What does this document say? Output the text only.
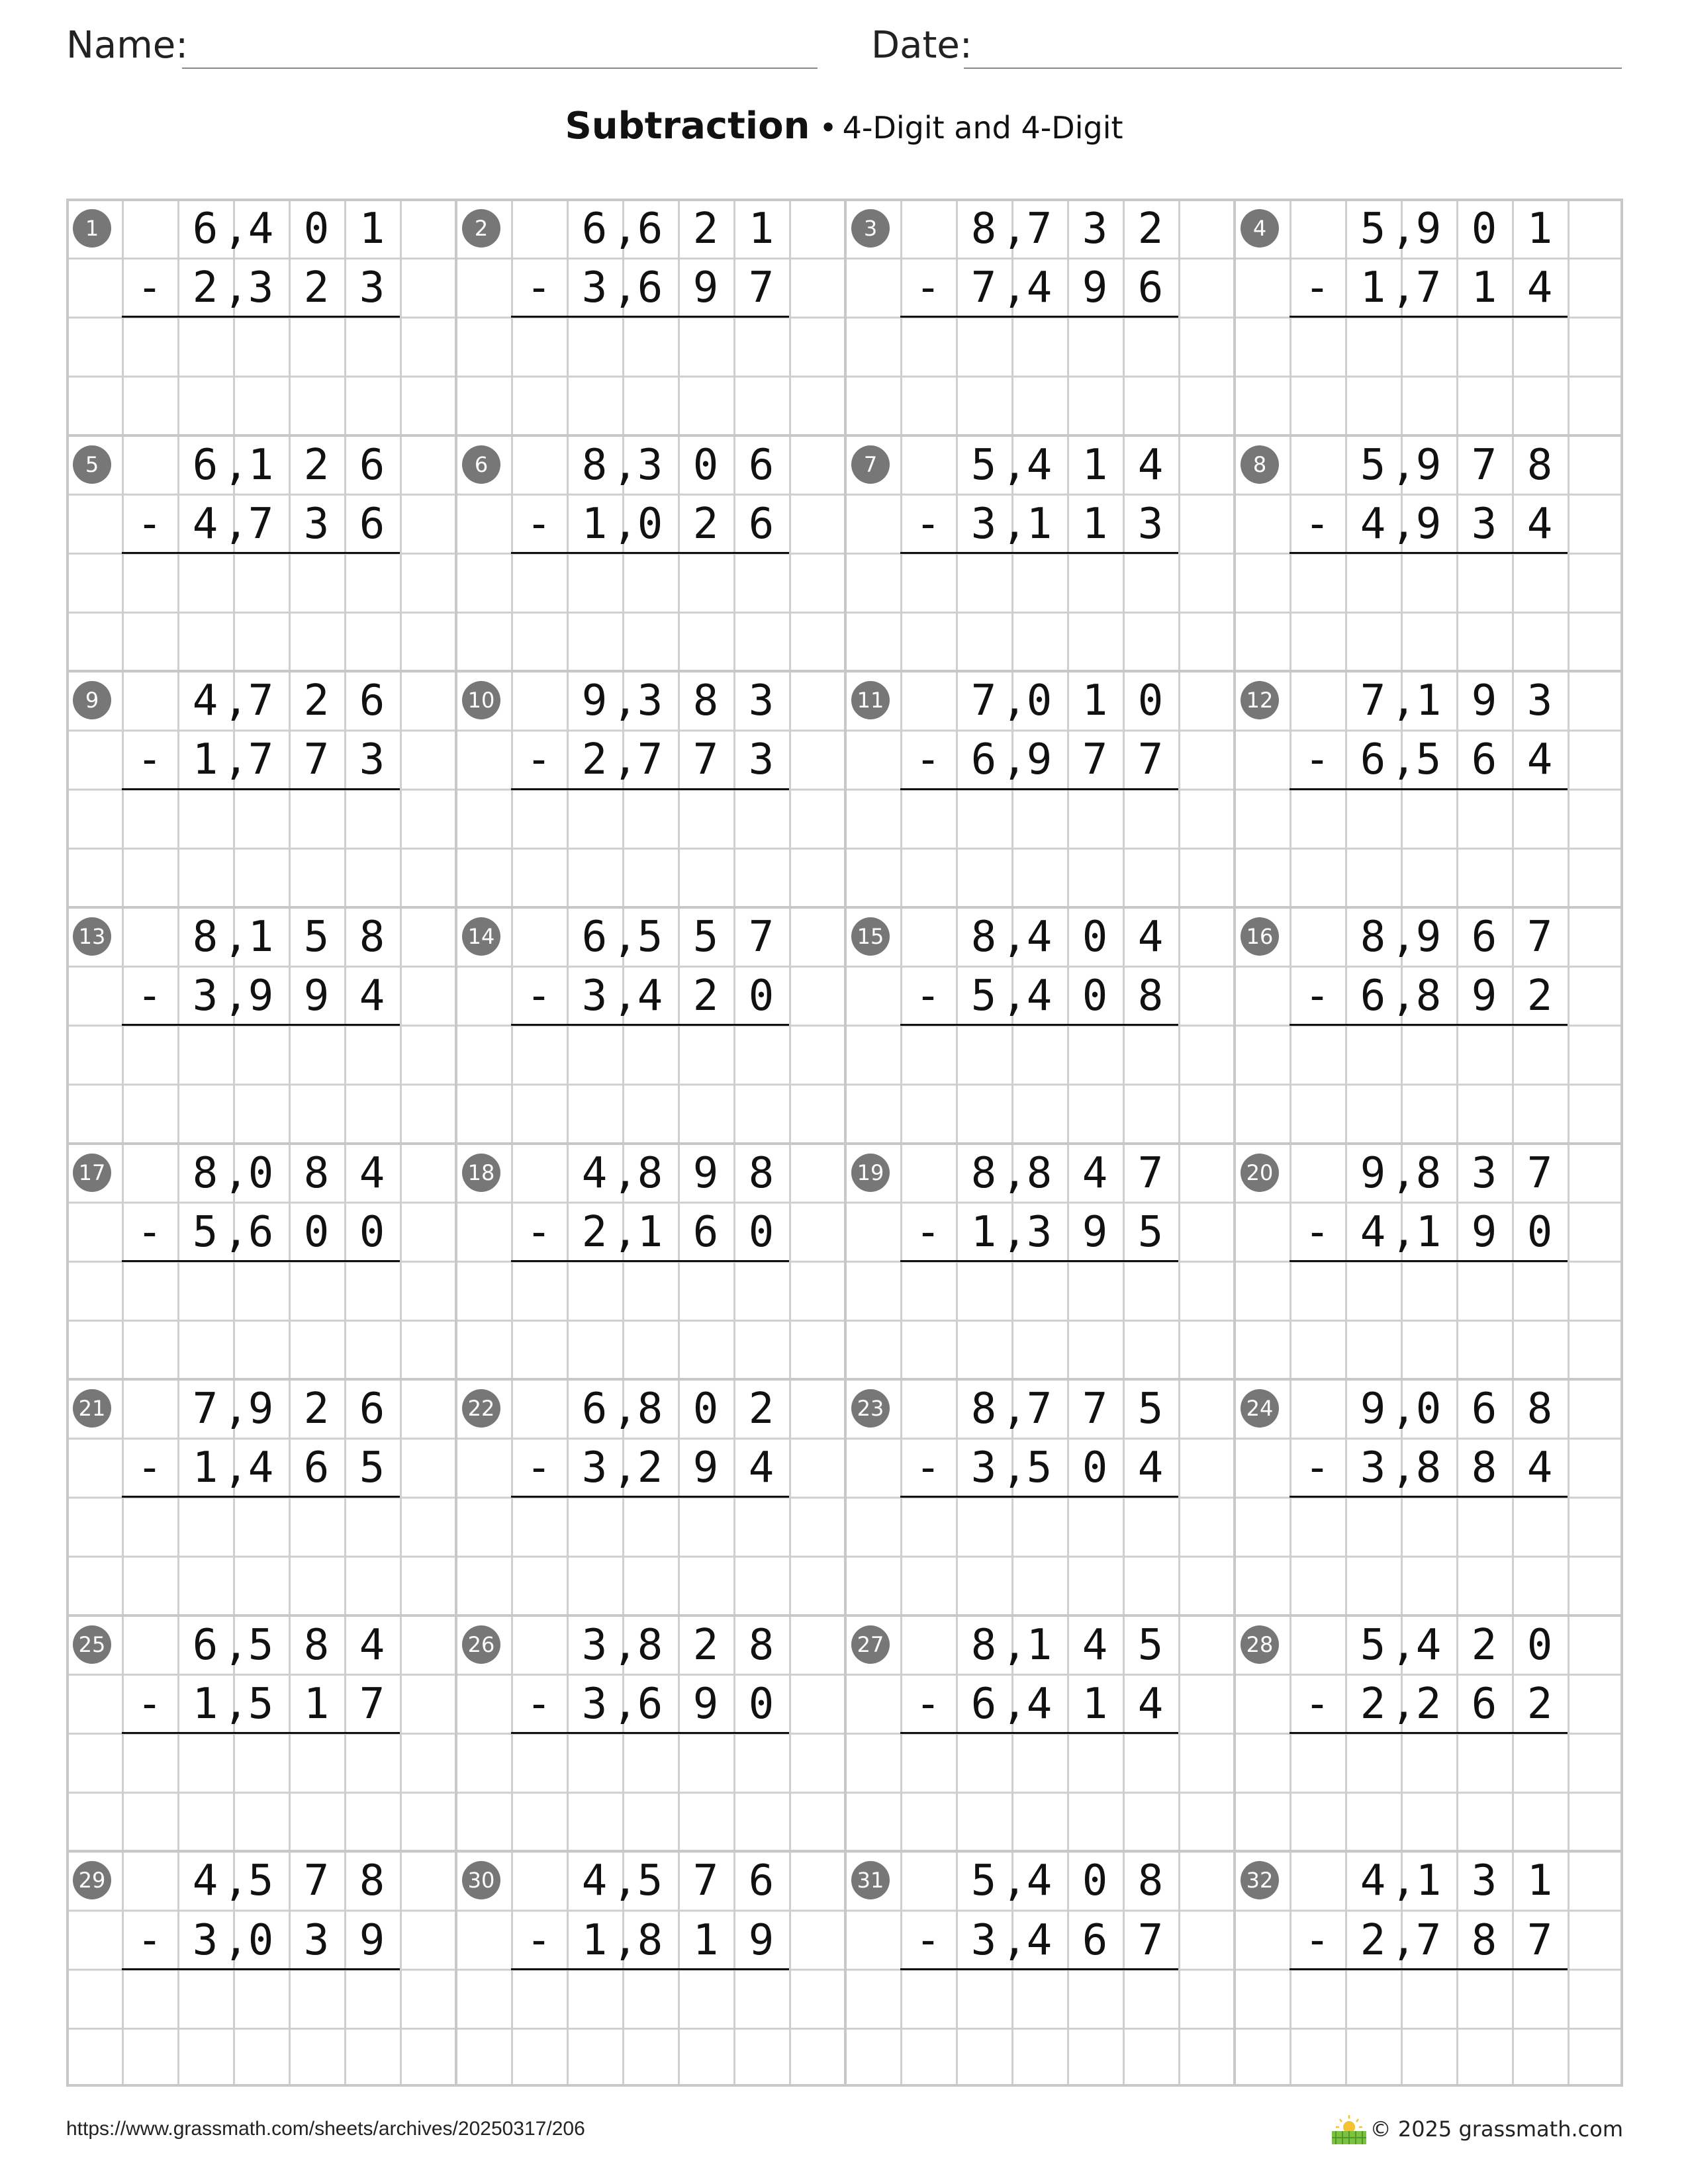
Name:	Date:
Subtraction • 4-Digit and 4-Digit
1	6 4 0 1
,
2 3 2 3
,
-
2	6 6 2 1
,
3 6 9 7
,
-
3	8 7 3 2
,
7 4 9 6
,
-
4	5 9 0 1
,
1 7 1 4
,
-
5	6 1 2 6
,
4 7 3 6
,
-
6	8 3 0 6
,
1 0 2 6
,
-
7	5 4 1 4
,
3 1 1 3
,
-
8	5 9 7 8
,
4 9 3 4
,
-
9	4 7 2 6
,
1 7 7 3
,
-
10	9 3 8 3
,
2 7 7 3
,
-
11	7 0 1 0
,
6 9 7 7
,
-
12	7 1 9 3
,
6 5 6 4
,
-
13	8 1 5 8
,
3 9 9 4
,
-
14	6 5 5 7
,
3 4 2 0
,
-
15	8 4 0 4
,
5 4 0 8
,
-
16	8 9 6 7
,
6 8 9 2
,
-
17	8 0 8 4
,
5 6 0 0
,
-
18	4 8 9 8
,
2 1 6 0
,
-
19	8 8 4 7
,
1 3 9 5
,
-
20	9 8 3 7
,
4 1 9 0
,
-
21	7 9 2 6
,
1 4 6 5
,
-
22	6 8 0 2
,
3 2 9 4
,
-
23	8 7 7 5
,
3 5 0 4
,
-
24	9 0 6 8
,
3 8 8 4
,
-
25	6 5 8 4
,
1 5 1 7
,
-
26	3 8 2 8
,
3 6 9 0
,
-
27	8 1 4 5
,
6 4 1 4
,
-
28	5 4 2 0
,
2 2 6 2
,
-
29	4 5 7 8
,
3 0 3 9
,
-
30	4 5 7 6
,
1 8 1 9
,
-
31	5 4 0 8
,
3 4 6 7
,
-
32	4 1 3 1
,
2 7 8 7
,
-
https://www.grassmath.com/sheets/archives/20250317/206	© 2025 grassmath.com
